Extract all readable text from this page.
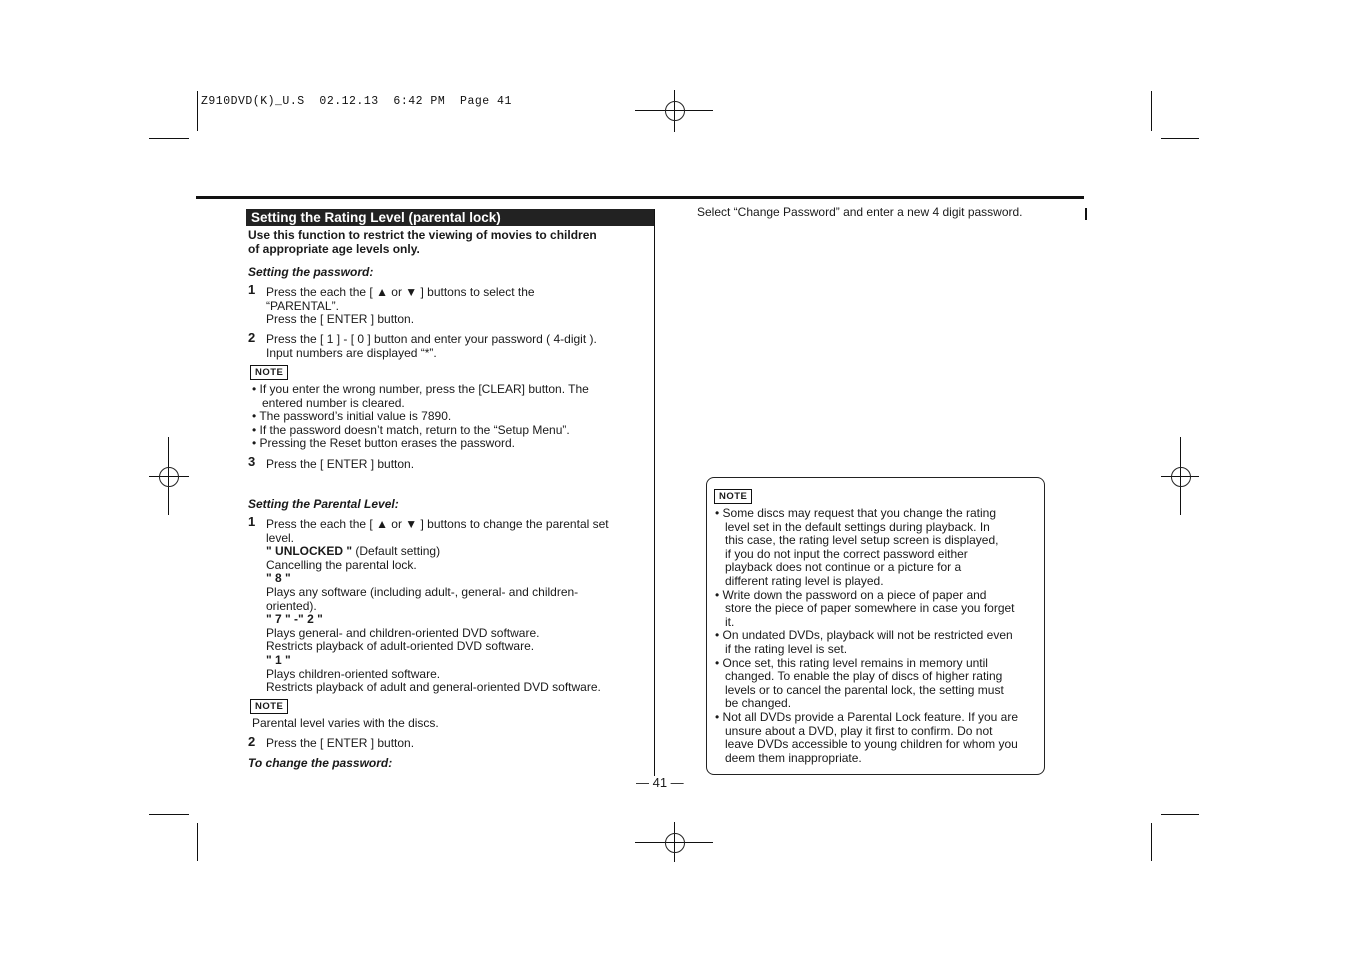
Z910DVD(K)_U.S  02.12.13  6:42 PM  Page 41
Setting the Rating Level (parental lock)
Use this function to restrict the viewing of movies to children
of appropriate age levels only.
Setting the password:
1 Press the each the [ ▲ or ▼ ] buttons to select the
“PARENTAL”.
Press the [ ENTER ] button.
2 Press the [ 1 ] - [ 0 ] button and enter your password ( 4-digit ).
Input numbers are displayed “*”.
NOTE
• If you enter the wrong number, press the [CLEAR] button. The
entered number is cleared.
• The password’s initial value is 7890.
• If the password doesn’t match, return to the “Setup Menu”.
• Pressing the Reset button erases the password.
3 Press the [ ENTER ] button.
Setting the Parental Level:
1 Press the each the [ ▲ or ▼ ] buttons to change the parental set
level.
" UNLOCKED " (Default setting)
Cancelling the parental lock.
" 8 "
Plays any software (including adult-, general- and children-
oriented).
" 7 " -" 2 "
Plays general- and children-oriented DVD software.
Restricts playback of adult-oriented DVD software.
" 1 "
Plays children-oriented software.
Restricts playback of adult and general-oriented DVD software.
NOTE
Parental level varies with the discs.
2 Press the [ ENTER ] button.
To change the password:
Select “Change Password” and enter a new 4 digit password.
NOTE
• Some discs may request that you change the rating
level set in the default settings during playback. In
this case, the rating level setup screen is displayed,
if you do not input the correct password either
playback does not continue or a picture for a
different rating level is played.
• Write down the password on a piece of paper and
store the piece of paper somewhere in case you forget
it.
• On undated DVDs, playback will not be restricted even
if the rating level is set.
• Once set, this rating level remains in memory until
changed. To enable the play of discs of higher rating
levels or to cancel the parental lock, the setting must
be changed.
• Not all DVDs provide a Parental Lock feature. If you are
unsure about a DVD, play it first to confirm. Do not
leave DVDs accessible to young children for whom you
deem them inappropriate.
— 41 —
